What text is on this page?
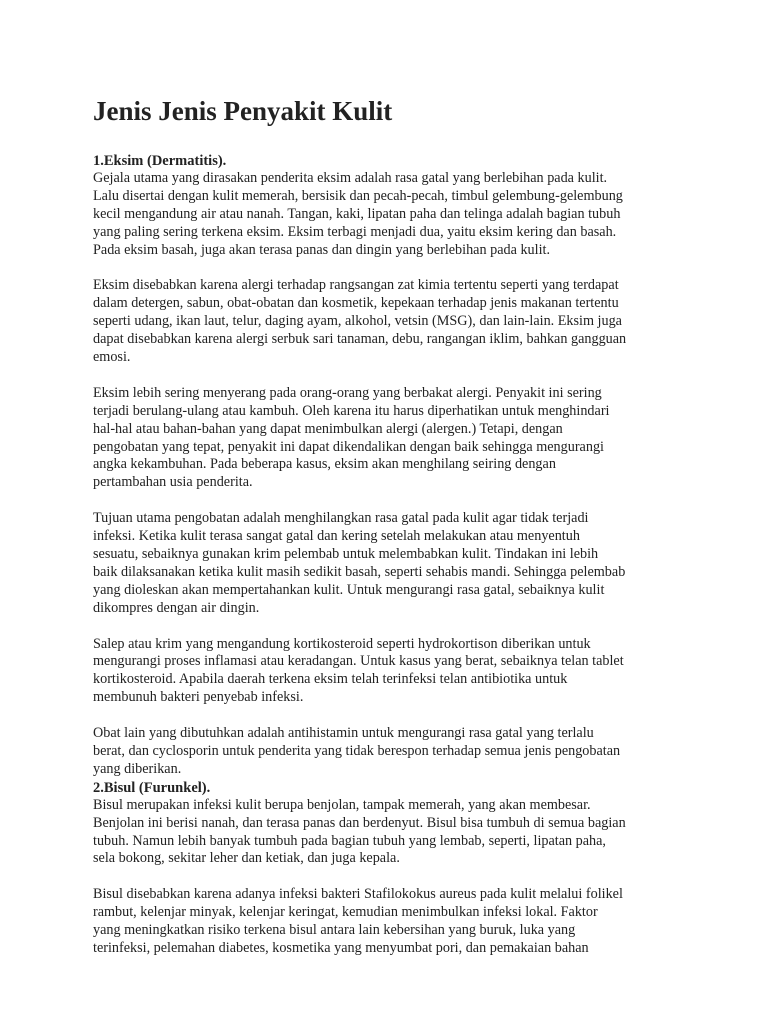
Jenis Jenis Penyakit Kulit
1.Eksim (Dermatitis).

Gejala utama yang dirasakan penderita eksim adalah rasa gatal yang berlebihan pada kulit.
Lalu disertai dengan kulit memerah, bersisik dan pecah-pecah, timbul gelembung-gelembung
kecil mengandung air atau nanah. Tangan, kaki, lipatan paha dan telinga adalah bagian tubuh
yang paling sering terkena eksim. Eksim terbagi menjadi dua, yaitu eksim kering dan basah.
Pada eksim basah, juga akan terasa panas dan dingin yang berlebihan pada kulit.

Eksim disebabkan karena alergi terhadap rangsangan zat kimia tertentu seperti yang terdapat
dalam detergen, sabun, obat-obatan dan kosmetik, kepekaan terhadap jenis makanan tertentu
seperti udang, ikan laut, telur, daging ayam, alkohol, vetsin (MSG), dan lain-lain. Eksim juga
dapat disebabkan karena alergi serbuk sari tanaman, debu, rangangan iklim, bahkan gangguan
emosi.

Eksim lebih sering menyerang pada orang-orang yang berbakat alergi. Penyakit ini sering
terjadi berulang-ulang atau kambuh. Oleh karena itu harus diperhatikan untuk menghindari
hal-hal atau bahan-bahan yang dapat menimbulkan alergi (alergen.) Tetapi, dengan
pengobatan yang tepat, penyakit ini dapat dikendalikan dengan baik sehingga mengurangi
angka kekambuhan. Pada beberapa kasus, eksim akan menghilang seiring dengan
pertambahan usia penderita.

Tujuan utama pengobatan adalah menghilangkan rasa gatal pada kulit agar tidak terjadi
infeksi. Ketika kulit terasa sangat gatal dan kering setelah melakukan atau menyentuh
sesuatu, sebaiknya gunakan krim pelembab untuk melembabkan kulit. Tindakan ini lebih
baik dilaksanakan ketika kulit masih sedikit basah, seperti sehabis mandi. Sehingga pelembab
yang dioleskan akan mempertahankan kulit. Untuk mengurangi rasa gatal, sebaiknya kulit
dikompres dengan air dingin.

Salep atau krim yang mengandung kortikosteroid seperti hydrokortison diberikan untuk
mengurangi proses inflamasi atau keradangan. Untuk kasus yang berat, sebaiknya telan tablet
kortikosteroid. Apabila daerah terkena eksim telah terinfeksi telan antibiotika untuk
membunuh bakteri penyebab infeksi.

Obat lain yang dibutuhkan adalah antihistamin untuk mengurangi rasa gatal yang terlalu
berat, dan cyclosporin untuk penderita yang tidak berespon terhadap semua jenis pengobatan
yang diberikan.

2.Bisul (Furunkel).

Bisul merupakan infeksi kulit berupa benjolan, tampak memerah, yang akan membesar.
Benjolan ini berisi nanah, dan terasa panas dan berdenyut. Bisul bisa tumbuh di semua bagian
tubuh. Namun lebih banyak tumbuh pada bagian tubuh yang lembab, seperti, lipatan paha,
sela bokong, sekitar leher dan ketiak, dan juga kepala.

Bisul disebabkan karena adanya infeksi bakteri Stafilokokus aureus pada kulit melalui folikel
rambut, kelenjar minyak, kelenjar keringat, kemudian menimbulkan infeksi lokal. Faktor
yang meningkatkan risiko terkena bisul antara lain kebersihan yang buruk, luka yang
terinfeksi, pelemahan diabetes, kosmetika yang menyumbat pori, dan pemakaian bahan
